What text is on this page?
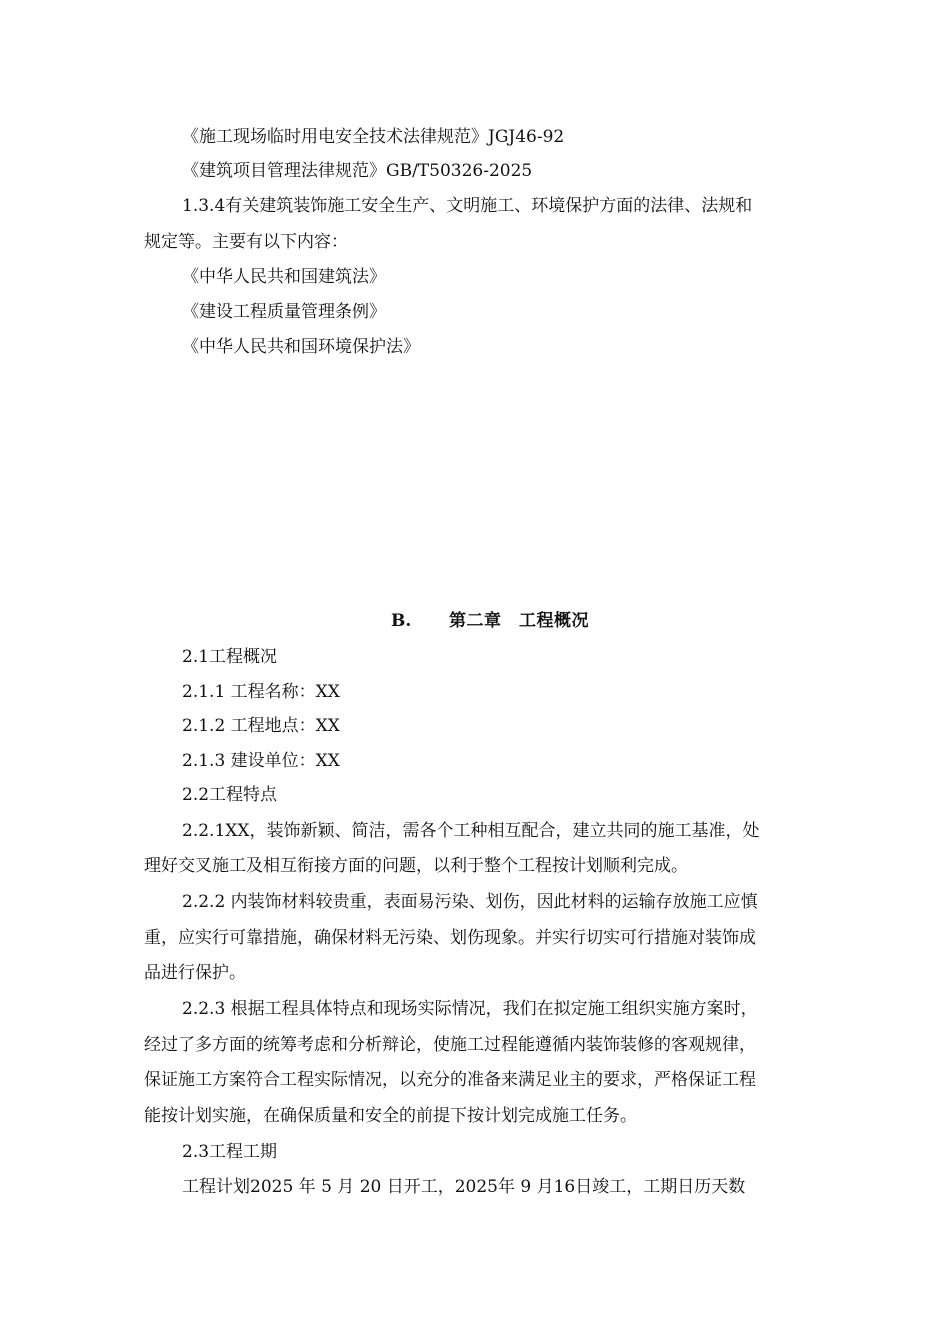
《施工现场临时用电安全技术法律规范》JGJ46-92
《建筑项目管理法律规范》GB/T50326-2025
1.3.4有关建筑装饰施工安全生产、文明施工、环境保护方面的法律、法规和
规定等。主要有以下内容：
《中华人民共和国建筑法》
《建设工程质量管理条例》
《中华人民共和国环境保护法》
B. 第二章　工程概况
2.1工程概况
2.1.1 工程名称：XX
2.1.2 工程地点：XX
2.1.3 建设单位：XX
2.2工程特点
2.2.1XX，装饰新颖、简洁，需各个工种相互配合，建立共同的施工基准，处
理好交叉施工及相互衔接方面的问题，以利于整个工程按计划顺利完成。
2.2.2 内装饰材料较贵重，表面易污染、划伤，因此材料的运输存放施工应慎
重，应实行可靠措施，确保材料无污染、划伤现象。并实行切实可行措施对装饰成
品进行保护。
2.2.3 根据工程具体特点和现场实际情况，我们在拟定施工组织实施方案时，
经过了多方面的统筹考虑和分析辩论，使施工过程能遵循内装饰装修的客观规律，
保证施工方案符合工程实际情况，以充分的准备来满足业主的要求，严格保证工程
能按计划实施，在确保质量和安全的前提下按计划完成施工任务。
2.3工程工期
工程计划2025 年 5 月 20 日开工，2025年 9 月16日竣工，工期日历天数
